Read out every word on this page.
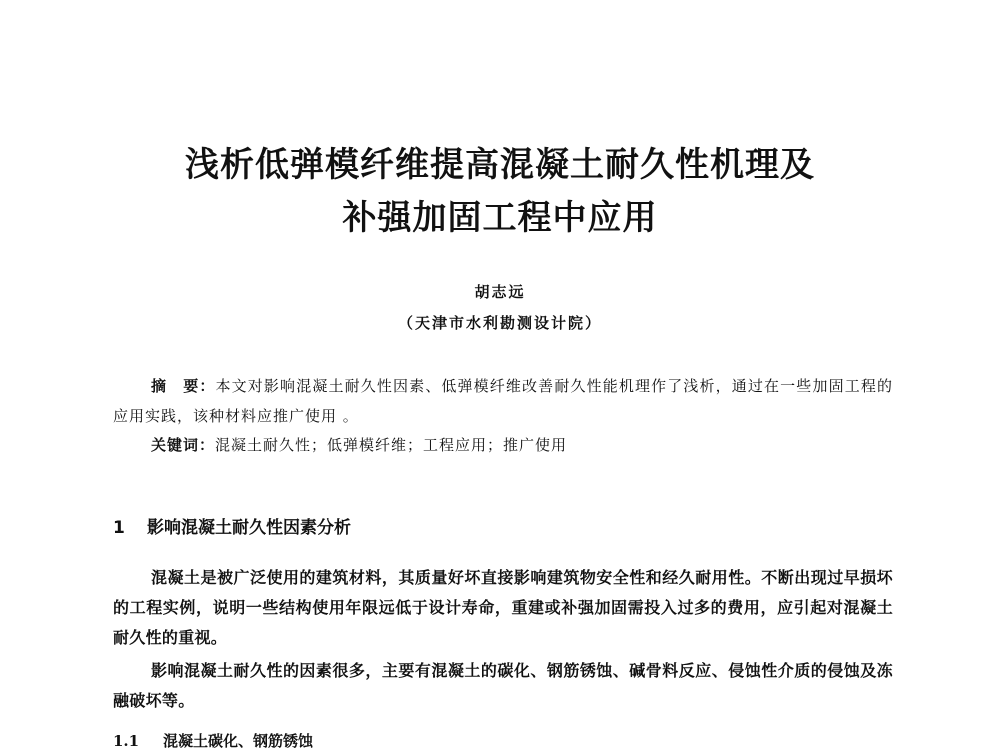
浅析低弹模纤维提高混凝土耐久性机理及
补强加固工程中应用
胡志远
（天津市水利勘测设计院）
摘　要：本文对影响混凝土耐久性因素、低弹模纤维改善耐久性能机理作了浅析，通过在一些加固工程的应用实践，该种材料应推广使用 。
关键词：混凝土耐久性；低弹模纤维；工程应用；推广使用
1 影响混凝土耐久性因素分析
混凝土是被广泛使用的建筑材料，其质量好坏直接影响建筑物安全性和经久耐用性。不断出现过早损坏的工程实例，说明一些结构使用年限远低于设计寿命，重建或补强加固需投入过多的费用，应引起对混凝土耐久性的重视。
影响混凝土耐久性的因素很多，主要有混凝土的碳化、钢筋锈蚀、碱骨料反应、侵蚀性介质的侵蚀及冻融破坏等。
1.1 混凝土碳化、钢筋锈蚀
